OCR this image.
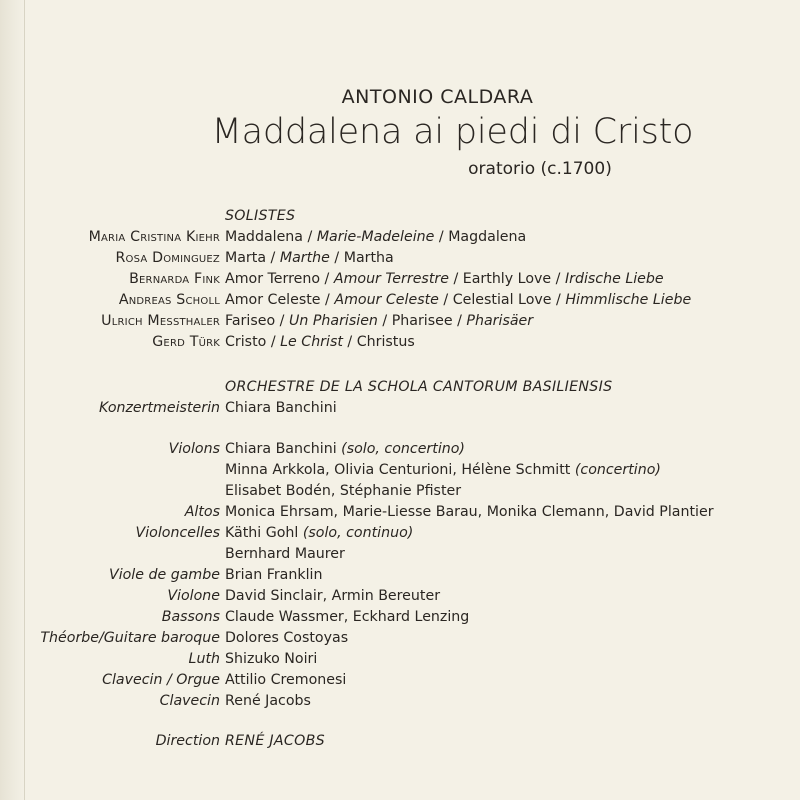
ANTONIO CALDARA
Maddalena ai piedi di Cristo
oratorio (c.1700)
SOLISTES
Maria Cristina Kiehr Maddalena / Marie-Madeleine / Magdalena
Rosa Dominguez Marta / Marthe / Martha
Bernarda Fink Amor Terreno / Amour Terrestre / Earthly Love / Irdische Liebe
Andreas Scholl Amor Celeste / Amour Celeste / Celestial Love / Himmlische Liebe
Ulrich Messthaler Fariseo / Un Pharisien / Pharisee / Pharisäer
Gerd Türk Cristo / Le Christ / Christus
ORCHESTRE DE LA SCHOLA CANTORUM BASILIENSIS
Konzertmeisterin Chiara Banchini
Violons Chiara Banchini (solo, concertino)
Minna Arkkola, Olivia Centurioni, Hélène Schmitt (concertino)
Elisabet Bodén, Stéphanie Pfister
Altos Monica Ehrsam, Marie-Liesse Barau, Monika Clemann, David Plantier
Violoncelles Käthi Gohl (solo, continuo)
Bernhard Maurer
Viole de gambe Brian Franklin
Violone David Sinclair, Armin Bereuter
Bassons Claude Wassmer, Eckhard Lenzing
Théorbe/Guitare baroque Dolores Costoyas
Luth Shizuko Noiri
Clavecin / Orgue Attilio Cremonesi
Clavecin René Jacobs
Direction RENÉ JACOBS
